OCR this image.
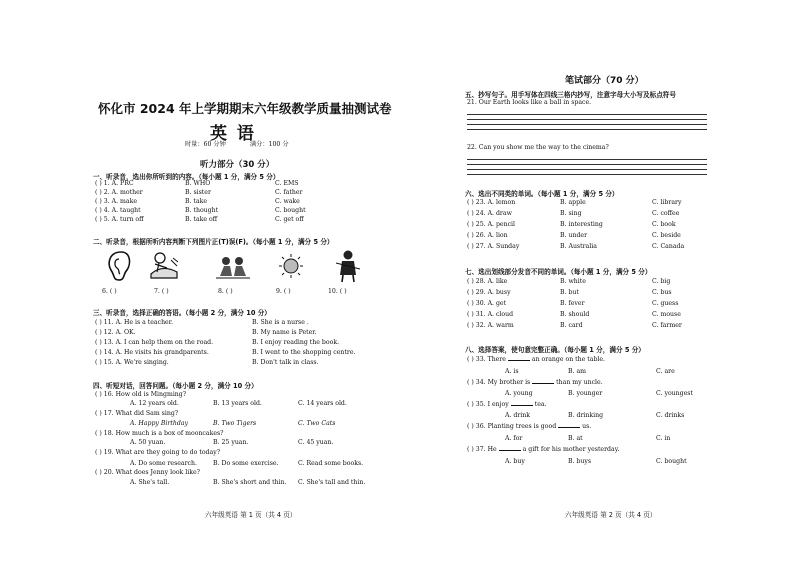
怀化市 2024 年上学期期末六年级教学质量抽测试卷
英 语
时量：60 分钟	满分：100 分
听力部分（30 分）
一、听录音，选出你所听到的内容。（每小题 1 分，满分 5 分）
( ) 1. A. PRC	B. WHO	C. EMS
( ) 2. A. mother	B. sister	C. father
( ) 3. A. make	B. take	C. wake
( ) 4. A. taught	B. thought	C. bought
( ) 5. A. turn off	B. take off	C. get off
二、听录音，根据所听内容判断下列图片正(T)误(F)。（每小题 1 分，满分 5 分）
6. ( )	7. ( )	8. ( )	9. ( )	10. ( )
三、听录音，选择正确的答语。（每小题 2 分，满分 10 分）
( ) 11. A. He is a teacher.	B. She is a nurse .
( ) 12. A. OK.	B. My name is Peter.
( ) 13. A. I can help them on the road.	B. I enjoy reading the book.
( ) 14. A. He visits his grandparents.	B. I went to the shopping centre.
( ) 15. A. We're singing.	B. Don't talk in class.
四、听短对话，回答问题。（每小题 2 分，满分 10 分）
( ) 16. How old is Mingming?
A. 12 years old.	B. 13 years old.	C. 14 years old.
( ) 17. What did Sam sing?
A. Happy Birthday	B. Two Tigers	C. Two Cats
( ) 18. How much is a box of mooncakes?
A. 50 yuan.	B. 25 yuan.	C. 45 yuan.
( ) 19. What are they going to do today?
A. Do some research.	B. Do some exercise.	C. Read some books.
( ) 20. What does Jenny look like?
A. She's tall.	B. She's short and thin. C. She's tall and thin.
六年级英语 第 1 页（共 4 页）
笔试部分（70 分）
五、抄写句子。用手写体在四线三格内抄写，注意字母大小写及标点符号
21. Our Earth looks like a ball in space.
22. Can you show me the way to the cinema?
六、选出不同类的单词。（每小题 1 分，满分 5 分）
( ) 23. A. lemon	B. apple	C. library
( ) 24. A. draw	B. sing	C. coffee
( ) 25. A. pencil	B. interesting	C. book
( ) 26. A. lion	B. under	C. beside
( ) 27. A. Sunday	B. Australia	C. Canada
七、选出划线部分发音不同的单词。（每小题 1 分，满分 5 分）
( ) 28. A. like	B. white	C. big
( ) 29. A. busy	B. but	C. bus
( ) 30. A. get	B. fever	C. guess
( ) 31. A. cloud	B. should	C. mouse
( ) 32. A. warm	B. card	C. farmer
八、选择答案，使句意完整正确。（每小题 1 分，满分 5 分）
( ) 33. There	an orange on the table.
A. is	B. am	C. are
( ) 34. My brother is	than my uncle.
A. young	B. younger	C. youngest
( ) 35. I enjoy	tea.
A. drink	B. drinking	C. drinks
( ) 36. Planting trees is good	us.
A. for	B. at	C. in
( ) 37. He	a gift for his mother yesterday.
A. buy	B. buys	C. bought
六年级英语 第 2 页（共 4 页）
